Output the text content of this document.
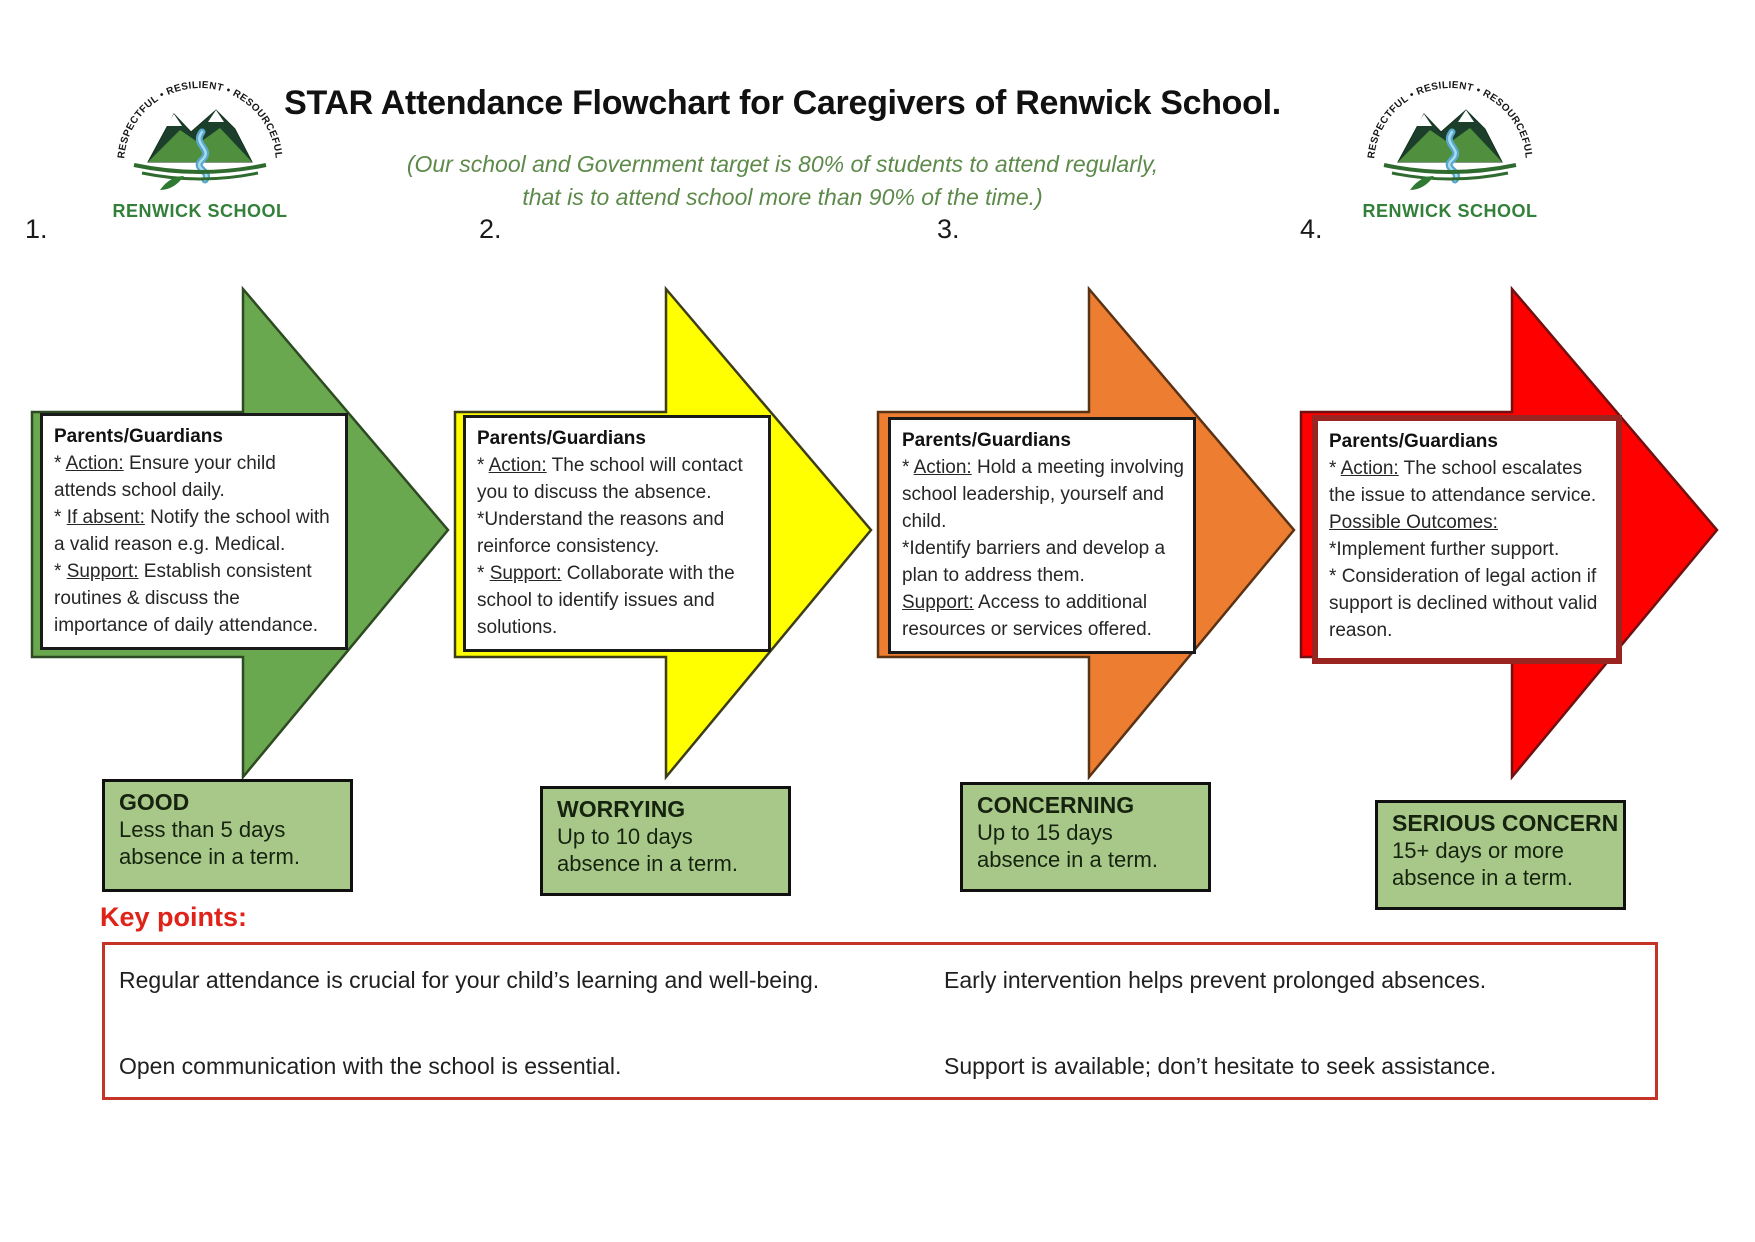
STAR Attendance Flowchart for Caregivers of Renwick School.
(Our school and Government target is 80% of students to attend regularly,
that is to attend school more than 90% of the time.)
RESPECTFUL • RESILIENT • RESOURCEFUL
RENWICK SCHOOL
RESPECTFUL • RESILIENT • RESOURCEFUL
RENWICK SCHOOL
1.	2.	3.	4.
Parents/Guardians
* Action: Ensure your child attends school daily.
* If absent: Notify the school with a valid reason e.g. Medical.
* Support: Establish consistent routines & discuss the importance of daily attendance.
Parents/Guardians
* Action: The school will contact you to discuss the absence.
*Understand the reasons and reinforce consistency.
* Support: Collaborate with the school to identify issues and solutions.
Parents/Guardians
* Action: Hold a meeting involving school leadership, yourself and child.
*Identify barriers and develop a plan to address them.
Support: Access to additional resources or services offered.
Parents/Guardians
* Action: The school escalates the issue to attendance service.
Possible Outcomes:
*Implement further support.
* Consideration of legal action if support is declined without valid reason.
GOOD
Less than 5 days
absence in a term.
WORRYING
Up to 10 days
absence in a term.
CONCERNING
Up to 15 days
absence in a term.
SERIOUS CONCERN
15+ days or more
absence in a term.
Key points:
Regular attendance is crucial for your child’s learning and well-being.
Open communication with the school is essential.
Early intervention helps prevent prolonged absences.
Support is available; don’t hesitate to seek assistance.
